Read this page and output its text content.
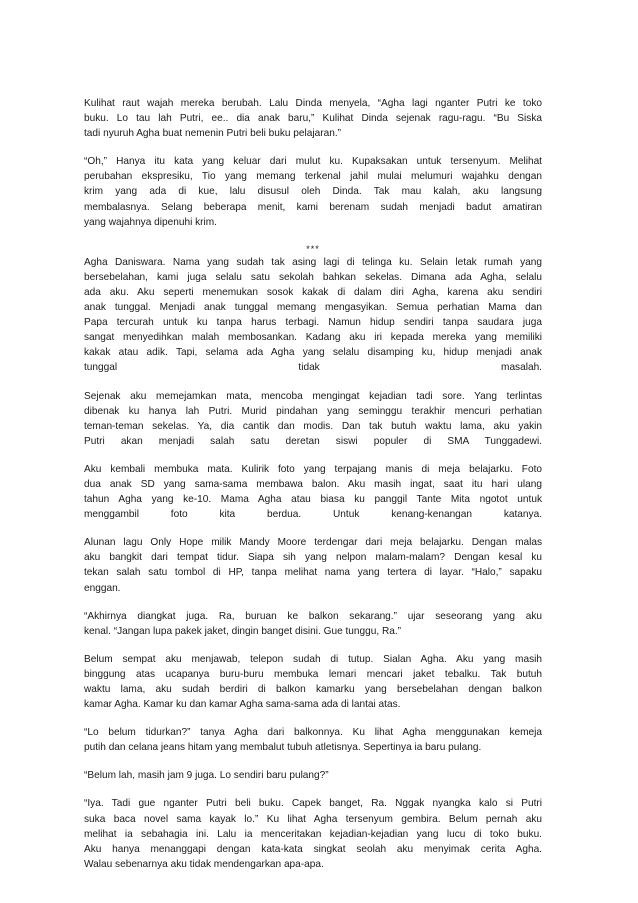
Kulihat raut wajah mereka berubah. Lalu Dinda menyela, “Agha lagi nganter Putri ke toko
buku. Lo tau lah Putri, ee.. dia anak baru,” Kulihat Dinda sejenak ragu-ragu. “Bu Siska
tadi nyuruh Agha buat nemenin Putri beli buku pelajaran.”
“Oh,” Hanya itu kata yang keluar dari mulut ku. Kupaksakan untuk tersenyum. Melihat
perubahan ekspresiku, Tio yang memang terkenal jahil mulai melumuri wajahku dengan
krim yang ada di kue, lalu disusul oleh Dinda. Tak mau kalah, aku langsung
membalasnya. Selang beberapa menit, kami berenam sudah menjadi badut amatiran
yang wajahnya dipenuhi krim.
***
Agha Daniswara. Nama yang sudah tak asing lagi di telinga ku. Selain letak rumah yang
bersebelahan, kami juga selalu satu sekolah bahkan sekelas. Dimana ada Agha, selalu
ada aku. Aku seperti menemukan sosok kakak di dalam diri Agha, karena aku sendiri
anak tunggal. Menjadi anak tunggal memang mengasyikan. Semua perhatian Mama dan
Papa tercurah untuk ku tanpa harus terbagi. Namun hidup sendiri tanpa saudara juga
sangat menyedihkan malah membosankan. Kadang aku iri kepada mereka yang memiliki
kakak atau adik. Tapi, selama ada Agha yang selalu disamping ku, hidup menjadi anak
tunggal tidak masalah.
Sejenak aku memejamkan mata, mencoba mengingat kejadian tadi sore. Yang terlintas
dibenak ku hanya lah Putri. Murid pindahan yang seminggu terakhir mencuri perhatian
teman-teman sekelas. Ya, dia cantik dan modis. Dan tak butuh waktu lama, aku yakin
Putri akan menjadi salah satu deretan siswi populer di SMA Tunggadewi.
Aku kembali membuka mata. Kulirik foto yang terpajang manis di meja belajarku. Foto
dua anak SD yang sama-sama membawa balon. Aku masih ingat, saat itu hari ulang
tahun Agha yang ke-10. Mama Agha atau biasa ku panggil Tante Mita ngotot untuk
menggambil foto kita berdua. Untuk kenang-kenangan katanya.
Alunan lagu Only Hope milik Mandy Moore terdengar dari meja belajarku. Dengan malas
aku bangkit dari tempat tidur. Siapa sih yang nelpon malam-malam? Dengan kesal ku
tekan salah satu tombol di HP, tanpa melihat nama yang tertera di layar. “Halo,” sapaku
enggan.
“Akhirnya diangkat juga. Ra, buruan ke balkon sekarang.” ujar seseorang yang aku
kenal. “Jangan lupa pakek jaket, dingin banget disini. Gue tunggu, Ra.”
Belum sempat aku menjawab, telepon sudah di tutup. Sialan Agha. Aku yang masih
binggung atas ucapanya buru-buru membuka lemari mencari jaket tebalku. Tak butuh
waktu lama, aku sudah berdiri di balkon kamarku yang bersebelahan dengan balkon
kamar Agha. Kamar ku dan kamar Agha sama-sama ada di lantai atas.
“Lo belum tidurkan?” tanya Agha dari balkonnya. Ku lihat Agha menggunakan kemeja
putih dan celana jeans hitam yang membalut tubuh atletisnya. Sepertinya ia baru pulang.
“Belum lah, masih jam 9 juga. Lo sendiri baru pulang?”
“Iya. Tadi gue nganter Putri beli buku. Capek banget, Ra. Nggak nyangka kalo si Putri
suka baca novel sama kayak lo.” Ku lihat Agha tersenyum gembira. Belum pernah aku
melihat ia sebahagia ini. Lalu ia menceritakan kejadian-kejadian yang lucu di toko buku.
Aku hanya menanggapi dengan kata-kata singkat seolah aku menyimak cerita Agha.
Walau sebenarnya aku tidak mendengarkan apa-apa.
